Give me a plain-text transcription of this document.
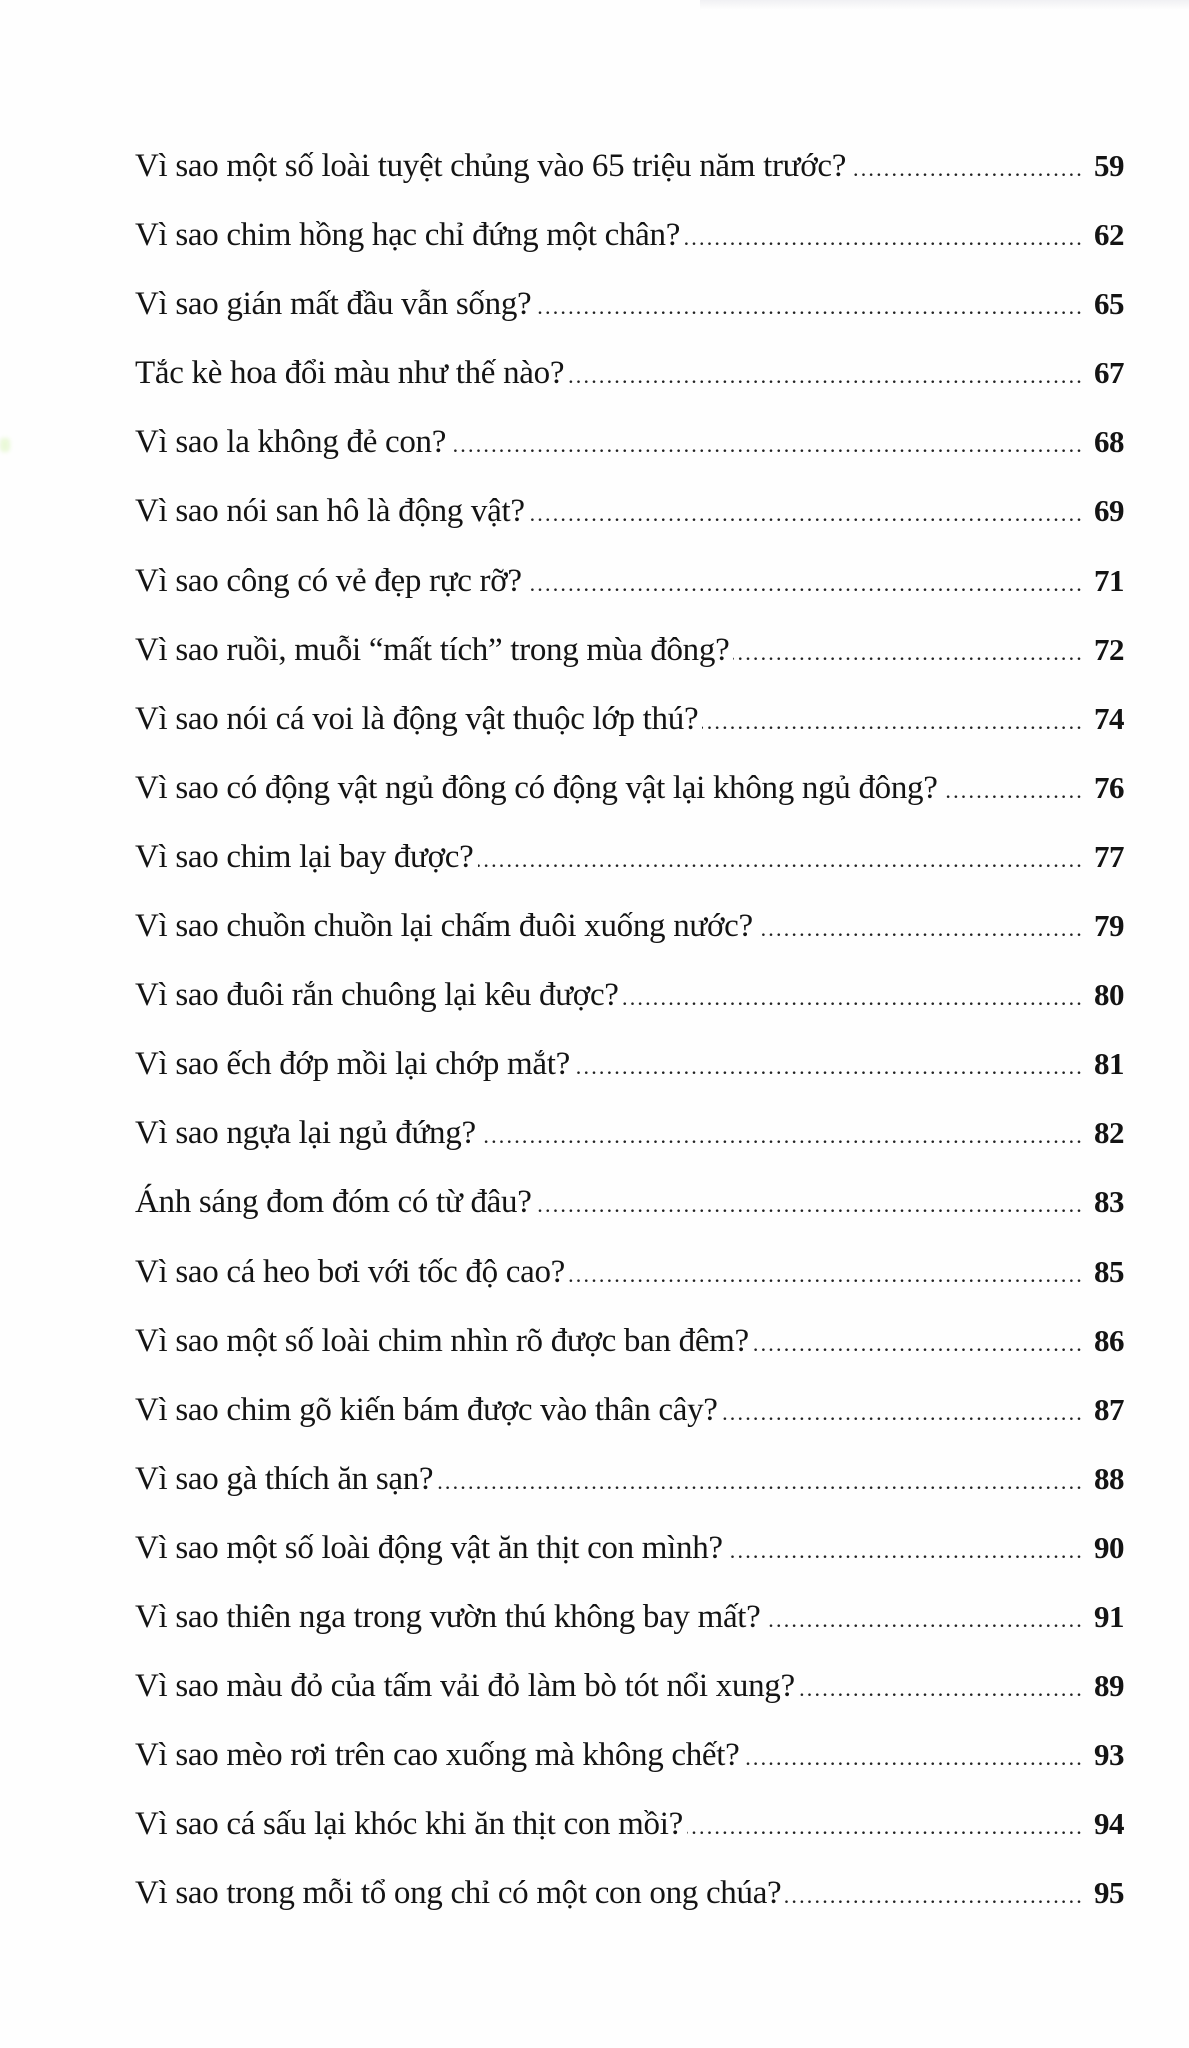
Vì sao một số loài tuyệt chủng vào 65 triệu năm trước? .....	59
Vì sao chim hồng hạc chỉ đứng một chân? .....	62
Vì sao gián mất đầu vẫn sống? .....	65
Tắc kè hoa đổi màu như thế nào? .....	67
Vì sao la không đẻ con? .....	68
Vì sao nói san hô là động vật? .....	69
Vì sao công có vẻ đẹp rực rỡ? .....	71
Vì sao ruồi, muỗi “mất tích” trong mùa đông? .....	72
Vì sao nói cá voi là động vật thuộc lớp thú? .....	74
Vì sao có động vật ngủ đông có động vật lại không ngủ đông? .....	76
Vì sao chim lại bay được? .....	77
Vì sao chuồn chuồn lại chấm đuôi xuống nước? .....	79
Vì sao đuôi rắn chuông lại kêu được? .....	80
Vì sao ếch đớp mồi lại chớp mắt? .....	81
Vì sao ngựa lại ngủ đứng? .....	82
Ánh sáng đom đóm có từ đâu? .....	83
Vì sao cá heo bơi với tốc độ cao? .....	85
Vì sao một số loài chim nhìn rõ được ban đêm? .....	86
Vì sao chim gõ kiến bám được vào thân cây? .....	87
Vì sao gà thích ăn sạn? .....	88
Vì sao một số loài động vật ăn thịt con mình? .....	90
Vì sao thiên nga trong vườn thú không bay mất? .....	91
Vì sao màu đỏ của tấm vải đỏ làm bò tót nổi xung? .....	89
Vì sao mèo rơi trên cao xuống mà không chết? .....	93
Vì sao cá sấu lại khóc khi ăn thịt con mồi? .....	94
Vì sao trong mỗi tổ ong chỉ có một con ong chúa? .....	95
